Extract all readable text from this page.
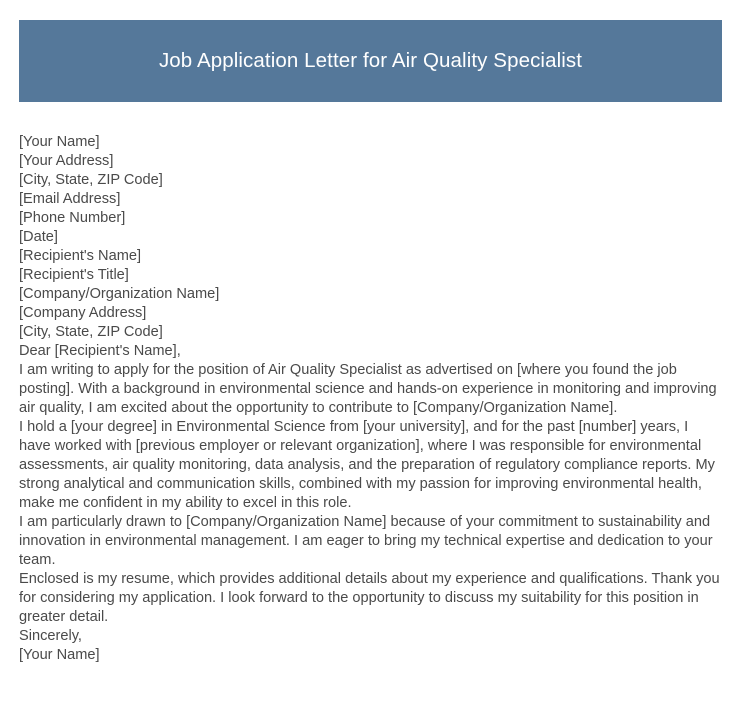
Job Application Letter for Air Quality Specialist
[Your Name]
[Your Address]
[City, State, ZIP Code]
[Email Address]
[Phone Number]
[Date]
[Recipient's Name]
[Recipient's Title]
[Company/Organization Name]
[Company Address]
[City, State, ZIP Code]

Dear [Recipient's Name],

I am writing to apply for the position of Air Quality Specialist as advertised on [where you found the job posting]. With a background in environmental science and hands-on experience in monitoring and improving air quality, I am excited about the opportunity to contribute to [Company/Organization Name].

I hold a [your degree] in Environmental Science from [your university], and for the past [number] years, I have worked with [previous employer or relevant organization], where I was responsible for environmental assessments, air quality monitoring, data analysis, and the preparation of regulatory compliance reports. My strong analytical and communication skills, combined with my passion for improving environmental health, make me confident in my ability to excel in this role.

I am particularly drawn to [Company/Organization Name] because of your commitment to sustainability and innovation in environmental management. I am eager to bring my technical expertise and dedication to your team.

Enclosed is my resume, which provides additional details about my experience and qualifications. Thank you for considering my application. I look forward to the opportunity to discuss my suitability for this position in greater detail.

Sincerely,

[Your Name]
